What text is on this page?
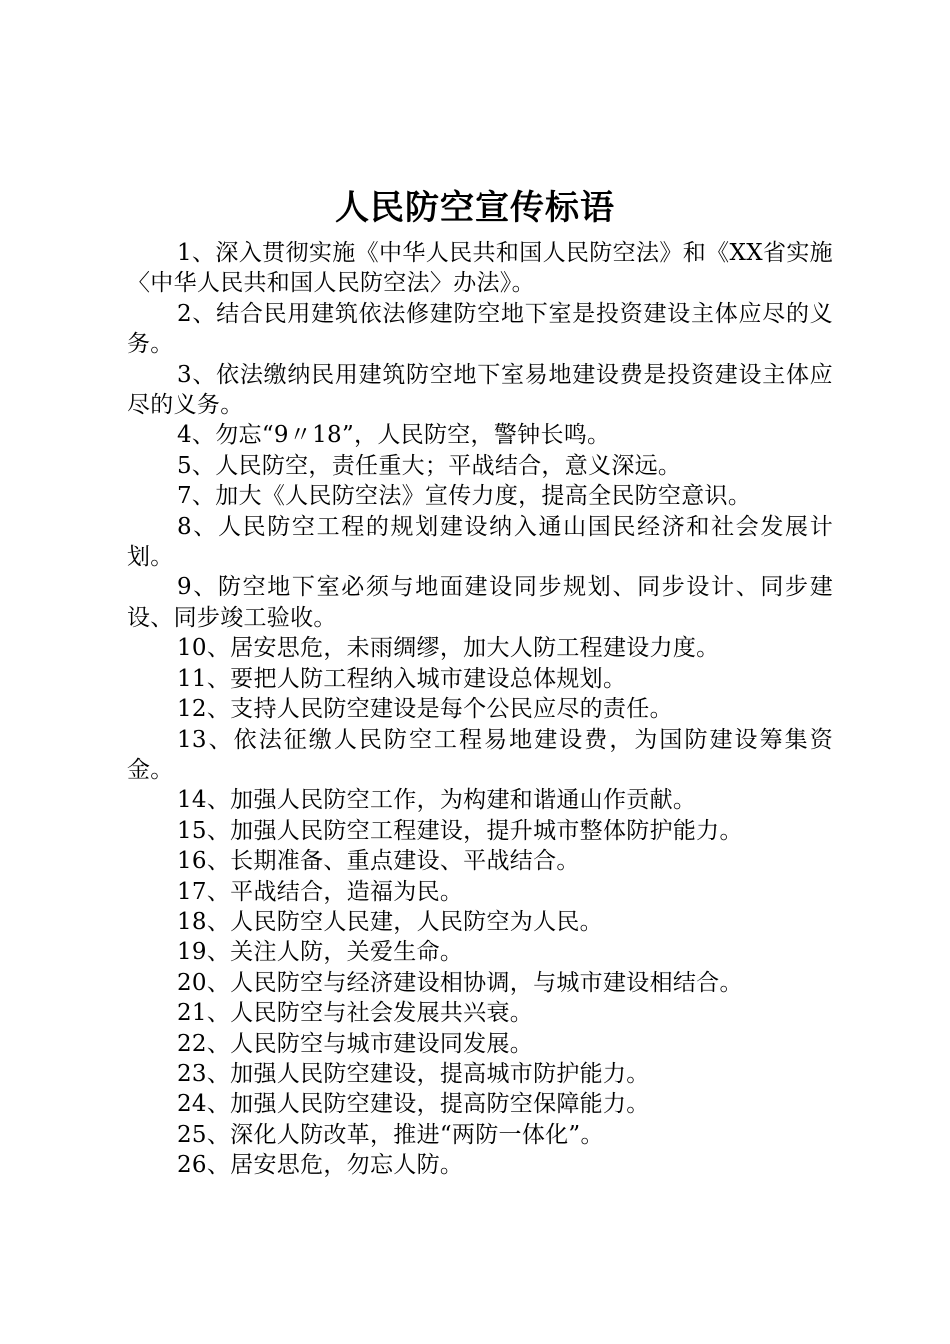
人民防空宣传标语

1、深入贯彻实施《中华人民共和国人民防空法》和《XX省实施〈中华人民共和国人民防空法〉办法》。

2、结合民用建筑依法修建防空地下室是投资建设主体应尽的义务。

3、依法缴纳民用建筑防空地下室易地建设费是投资建设主体应尽的义务。

4、勿忘“9〃18”，人民防空，警钟长鸣。

5、人民防空，责任重大；平战结合，意义深远。

7、加大《人民防空法》宣传力度，提高全民防空意识。

8、人民防空工程的规划建设纳入通山国民经济和社会发展计划。

9、防空地下室必须与地面建设同步规划、同步设计、同步建设、同步竣工验收。

10、居安思危，未雨绸缪，加大人防工程建设力度。

11、要把人防工程纳入城市建设总体规划。

12、支持人民防空建设是每个公民应尽的责任。

13、依法征缴人民防空工程易地建设费，为国防建设筹集资金。

14、加强人民防空工作，为构建和谐通山作贡献。

15、加强人民防空工程建设，提升城市整体防护能力。

16、长期准备、重点建设、平战结合。

17、平战结合，造福为民。

18、人民防空人民建，人民防空为人民。

19、关注人防，关爱生命。

20、人民防空与经济建设相协调，与城市建设相结合。

21、人民防空与社会发展共兴衰。

22、人民防空与城市建设同发展。

23、加强人民防空建设，提高城市防护能力。

24、加强人民防空建设，提高防空保障能力。

25、深化人防改革，推进“两防一体化”。

26、居安思危，勿忘人防。
